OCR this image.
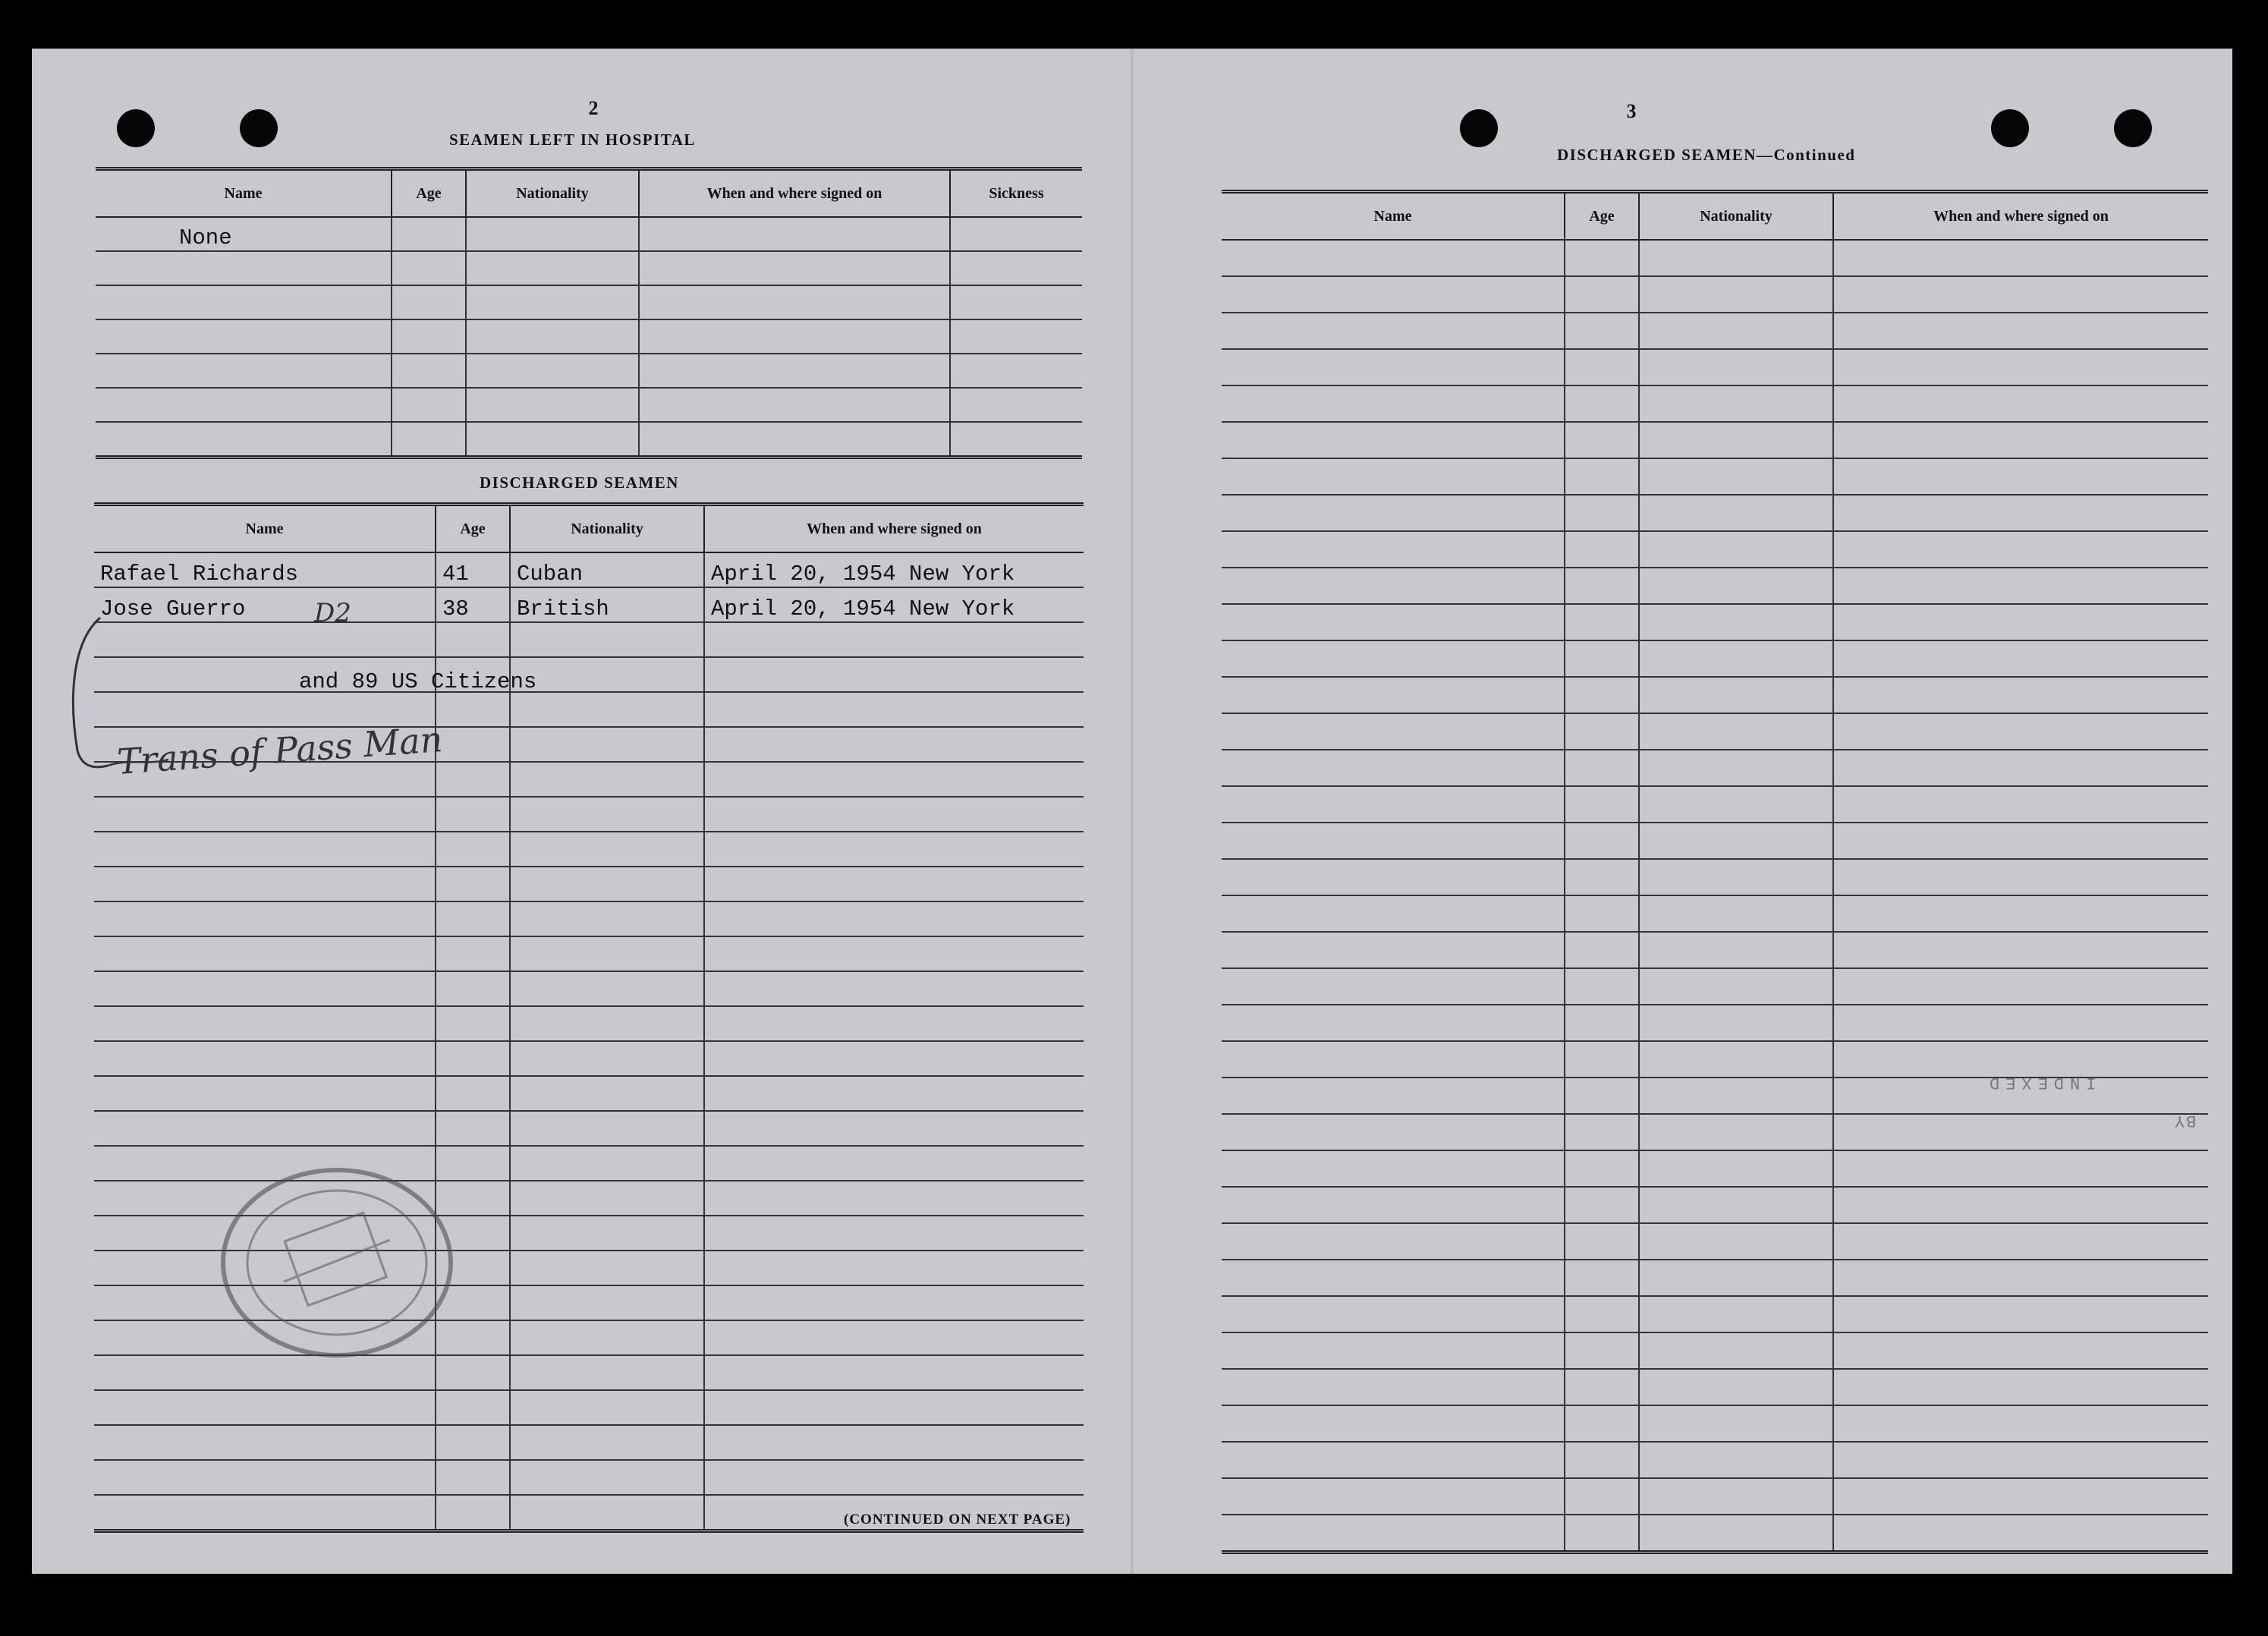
2
SEAMEN LEFT IN HOSPITAL
Name	Age	Nationality	When and where signed on	Sickness
None				

DISCHARGED SEAMEN
Name	Age	Nationality	When and where signed on
Rafael Richards	41	Cuban	April 20, 1954 New York
Jose Guerro	38	British	April 20, 1954 New York

and 89 US Citizens
Trans of Pass Man
D2
(CONTINUED ON NEXT PAGE)
3
DISCHARGED SEAMEN—Continued
Name	Age	Nationality	When and where signed on

INDEXED
BY
